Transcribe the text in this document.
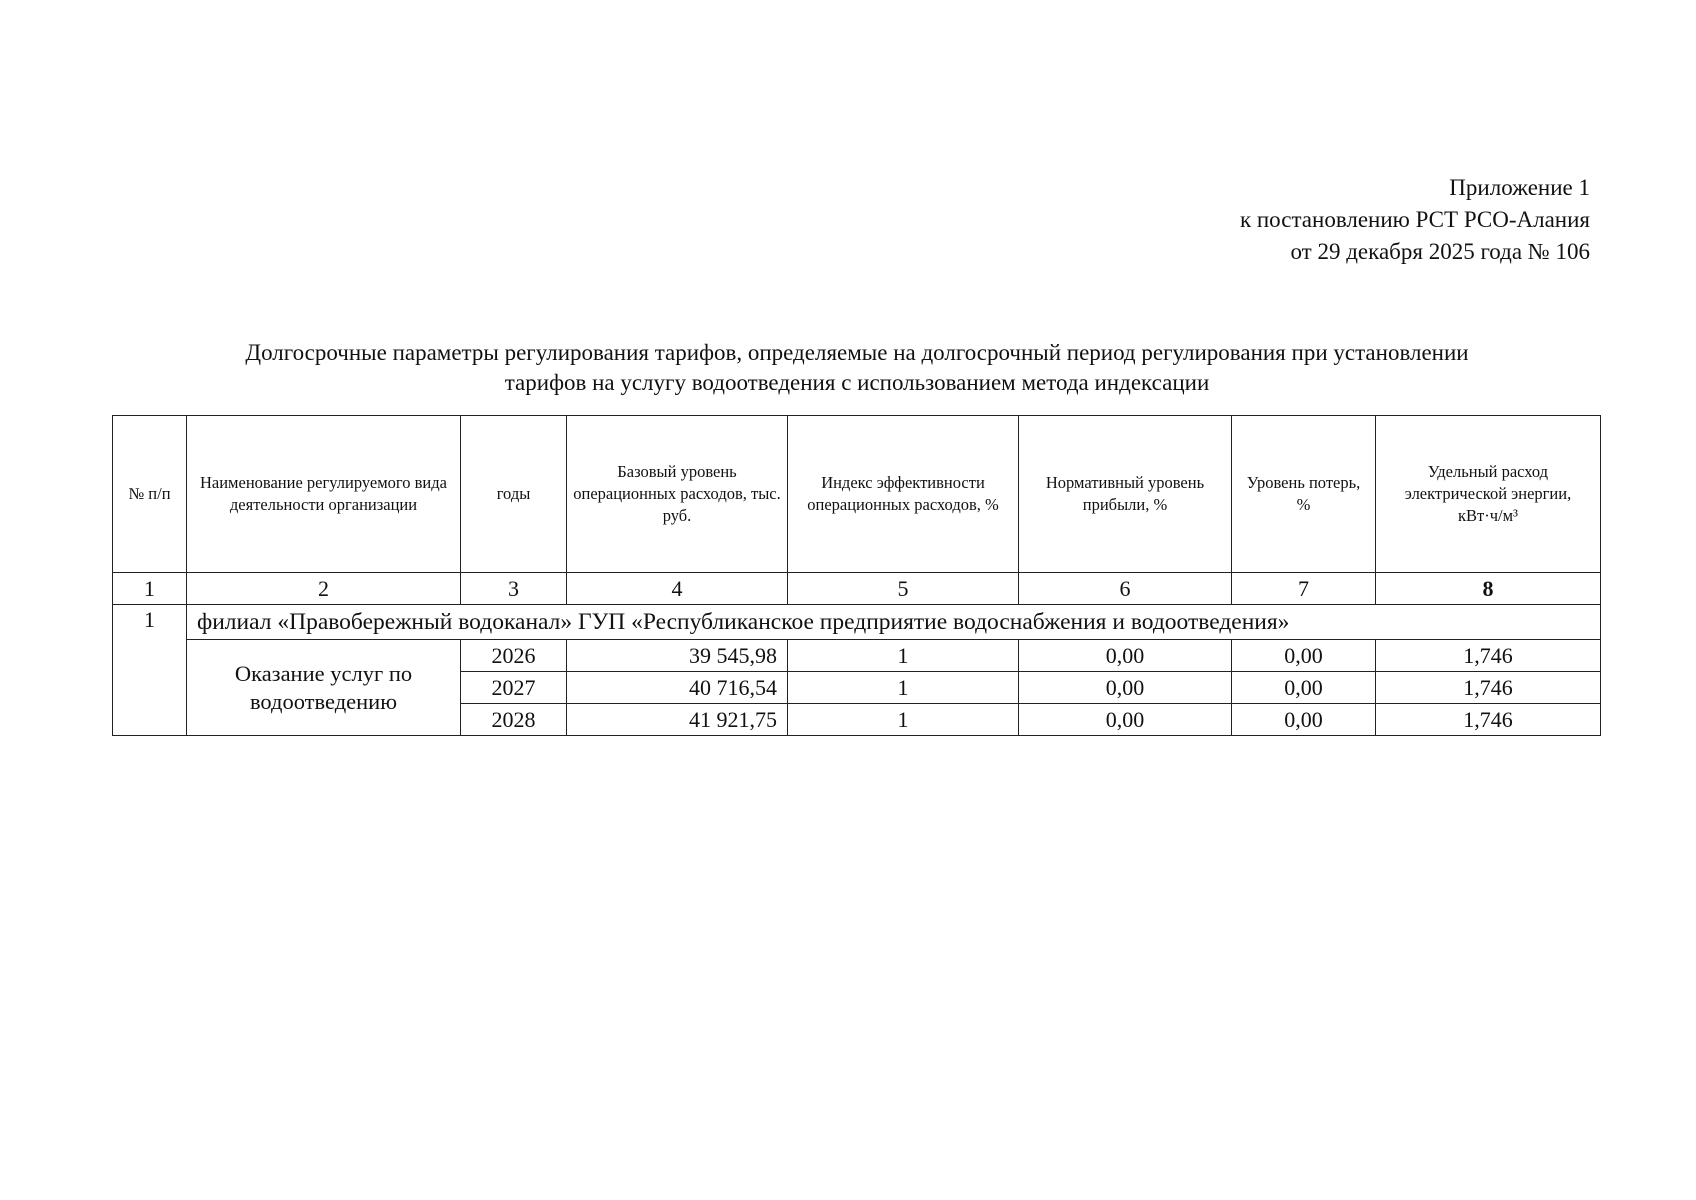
Приложение 1
к постановлению РСТ РСО-Алания
от 29 декабря 2025 года № 106
Долгосрочные параметры регулирования тарифов, определяемые на долгосрочный период регулирования при установлении
тарифов на услугу водоотведения с использованием метода индексации
№ п/п	Наименование регулируемого вида деятельности организации	годы	Базовый уровень операционных расходов, тыс. руб.	Индекс эффективности операционных расходов, %	Нормативный уровень прибыли, %	Уровень потерь, %	Удельный расход электрической энергии, кВт·ч/м³
1	2	3	4	5	6	7	8
1	филиал «Правобережный водоканал» ГУП «Республиканское предприятие водоснабжения и водоотведения»						
	Оказание услуг по водоотведению	2026	39 545,98	1	0,00	0,00	1,746
		2027	40 716,54	1	0,00	0,00	1,746
		2028	41 921,75	1	0,00	0,00	1,746
